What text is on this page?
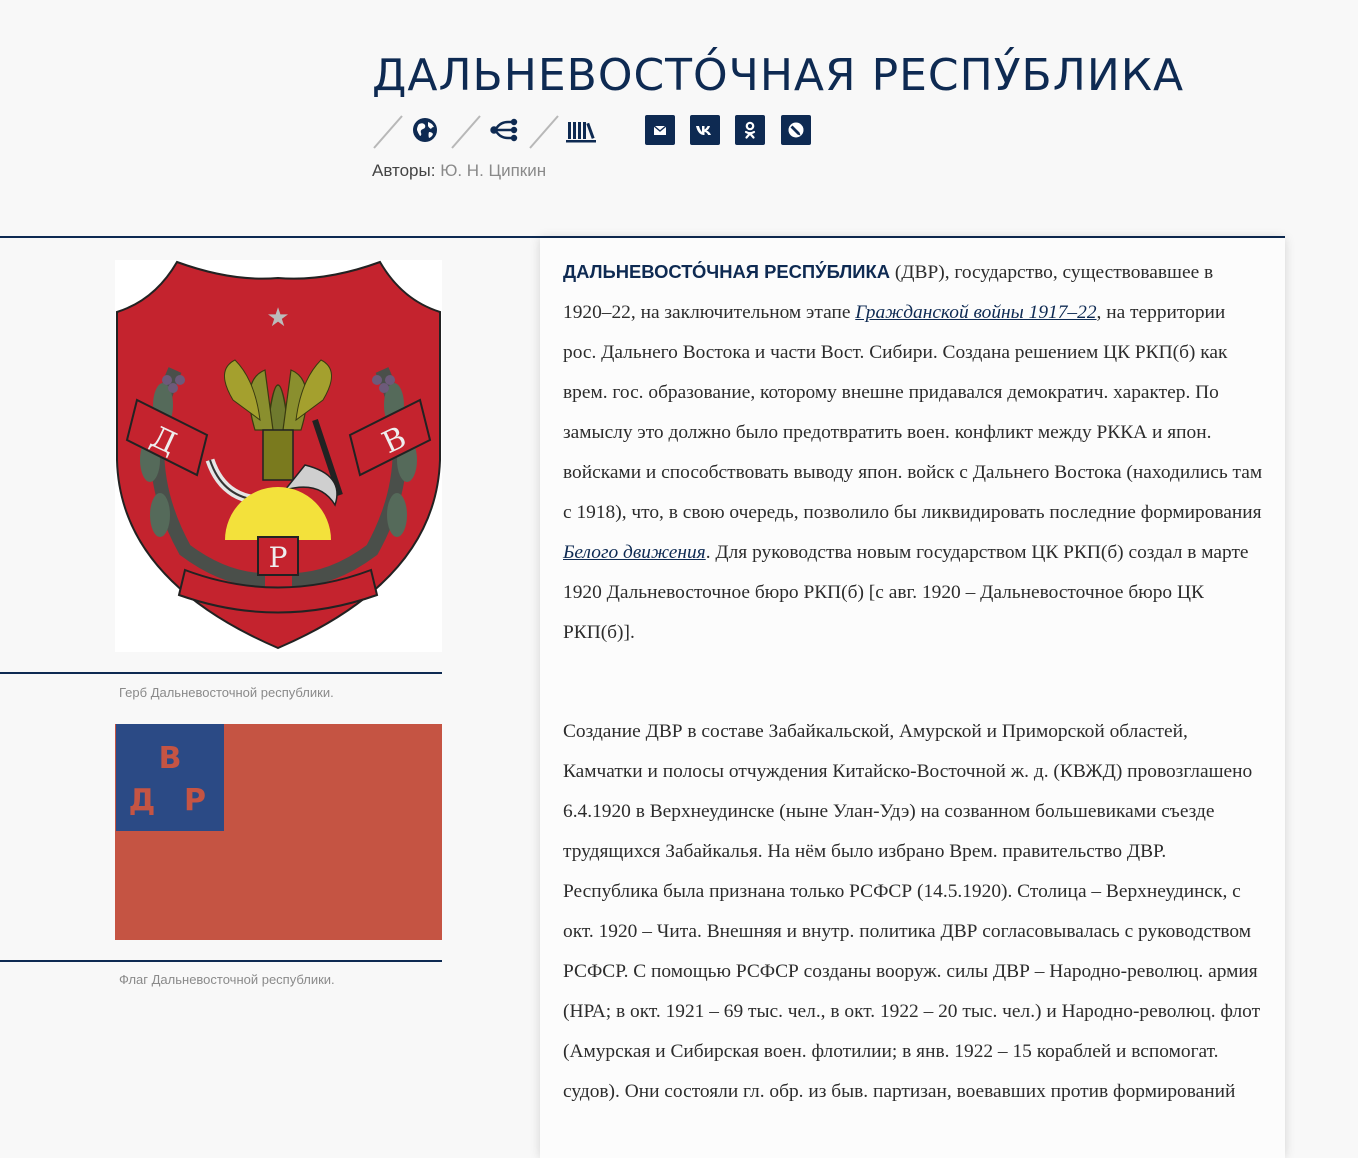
ДАЛЬНЕВОСТО́ЧНАЯ РЕСПУ́БЛИКА
Авторы: Ю. Н. Ципкин
★
Д	В
Р
Герб Дальневосточной республики.
В
Д Р
Флаг Дальневосточной республики.

ДАЛЬНЕВОСТО́ЧНАЯ РЕСПУ́БЛИКА (ДВР), государство, существовавшее в 1920–22, на заключительном этапе Гражданской войны 1917–22, на территории рос. Дальнего Востока и части Вост. Сибири. Создана решением ЦК РКП(б) как врем. гос. образование, которому внешне придавался демократич. характер. По замыслу это должно было предотвратить воен. конфликт между РККА и япон. войсками и способствовать выводу япон. войск с Дальнего Востока (находились там с 1918), что, в свою очередь, позволило бы ликвидировать последние формирования Белого движения. Для руководства новым государством ЦК РКП(б) создал в марте 1920 Дальневосточное бюро РКП(б) [с авг. 1920 – Дальневосточное бюро ЦК РКП(б)].

Создание ДВР в составе Забайкальской, Амурской и Приморской областей, Камчатки и полосы отчуждения Китайско-Восточной ж. д. (КВЖД) провозглашено 6.4.1920 в Верхнеудинске (ныне Улан-Удэ) на созванном большевиками съезде трудящихся Забайкалья. На нём было избрано Врем. правительство ДВР. Республика была признана только РСФСР (14.5.1920). Столица – Верхнеудинск, с окт. 1920 – Чита. Внешняя и внутр. политика ДВР согласовывалась с руководством РСФСР. С помощью РСФСР созданы вооруж. силы ДВР – Народно-революц. армия (НРА; в окт. 1921 – 69 тыс. чел., в окт. 1922 – 20 тыс. чел.) и Народно-революц. флот (Амурская и Сибирская воен. флотилии; в янв. 1922 – 15 кораблей и вспомогат. судов). Они состояли гл. обр. из быв. партизан, воевавших против формирований
